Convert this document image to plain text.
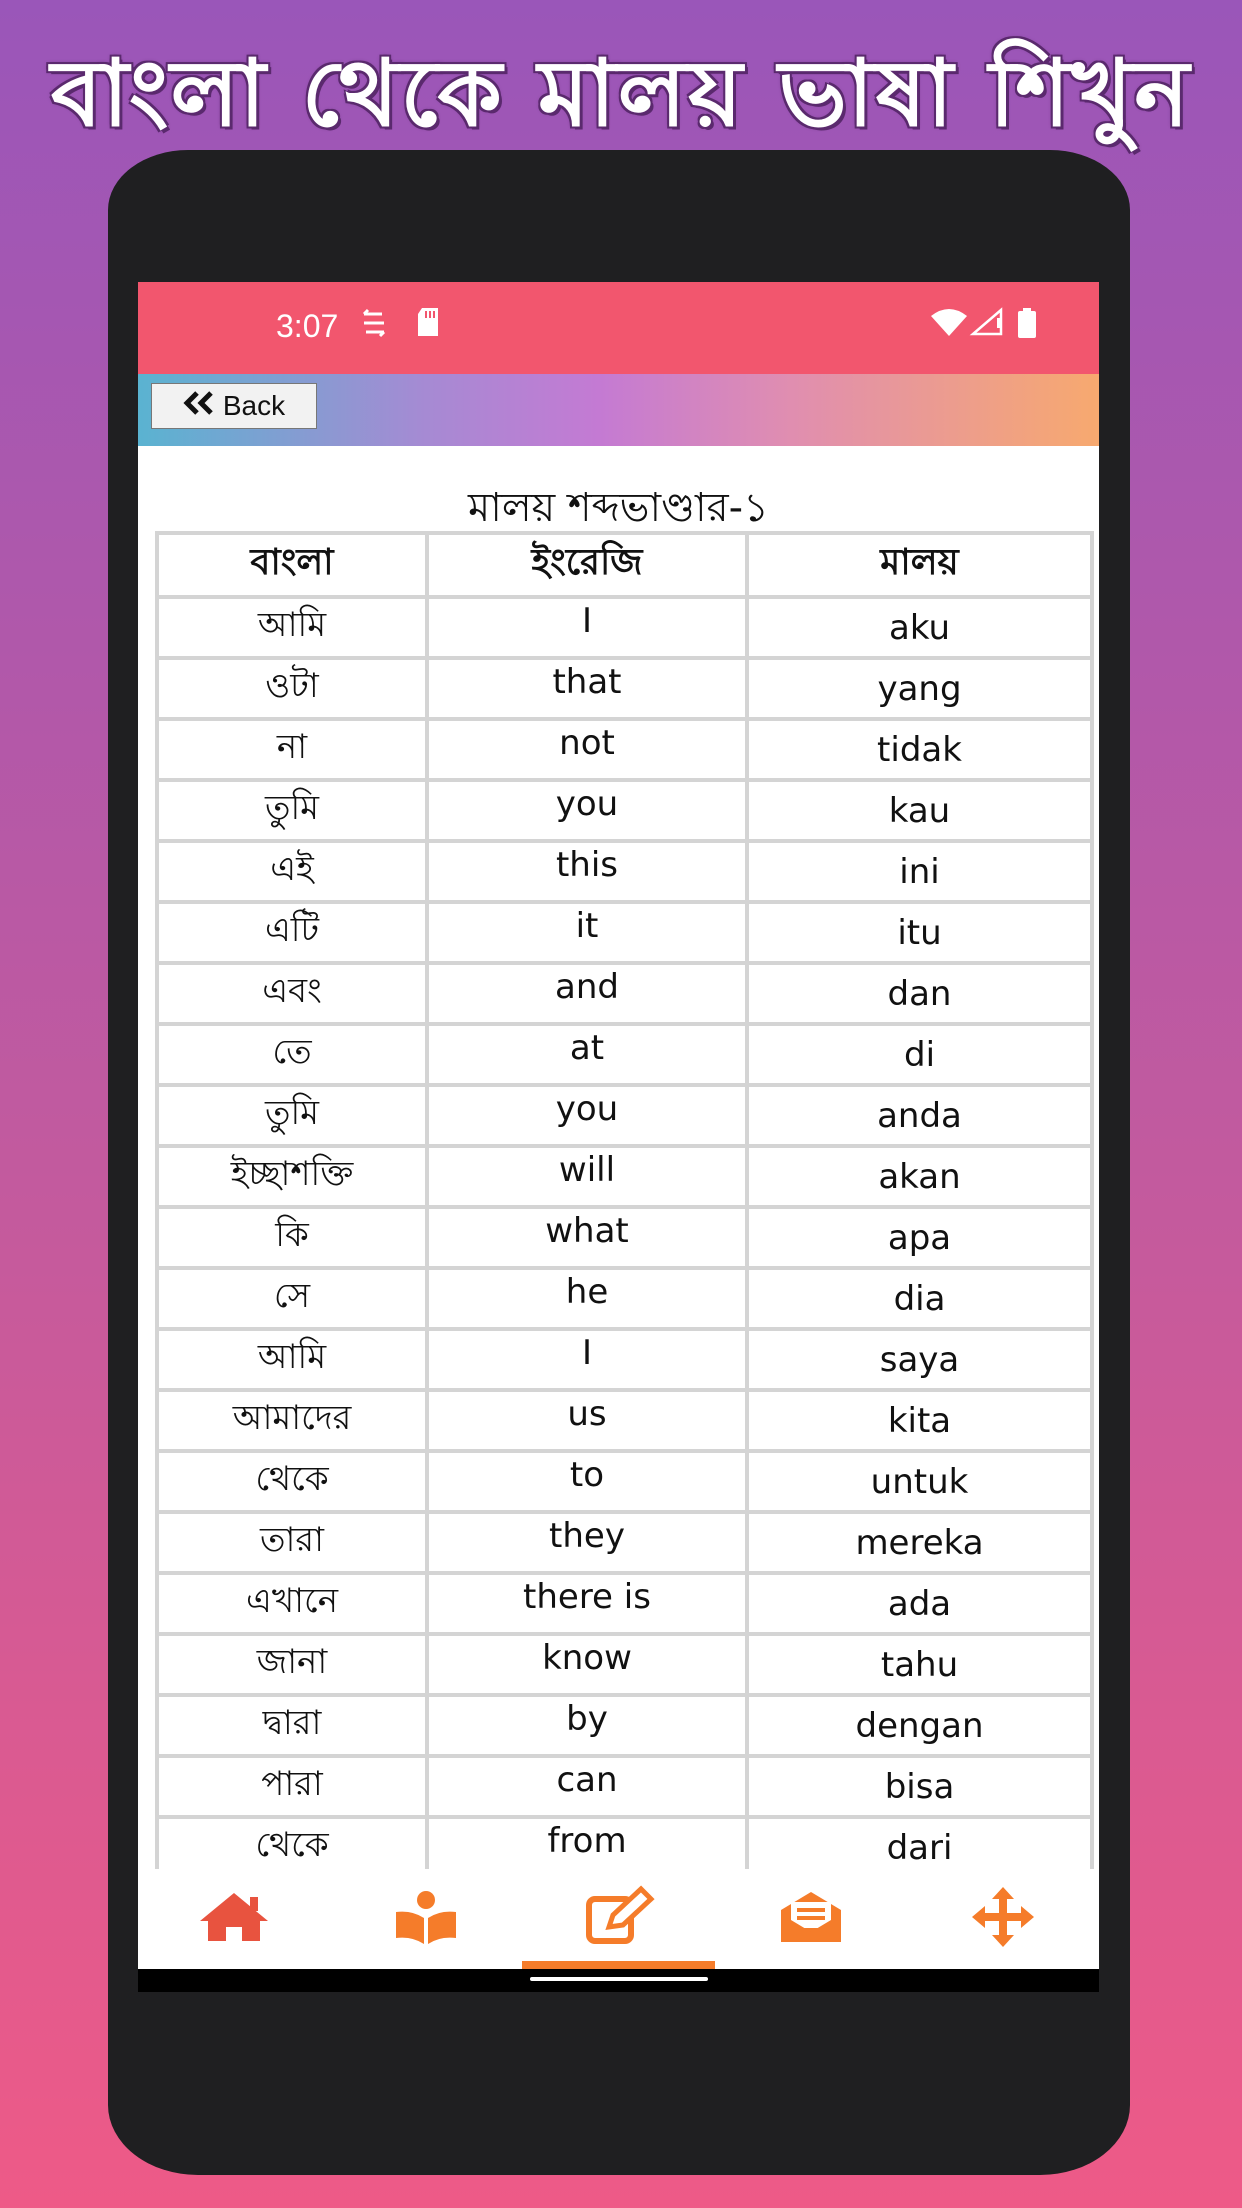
বাংলা থেকে মালয় ভাষা শিখুন
3:07
Back
মালয় শব্দভাণ্ডার-১
বাংলা	ইংরেজি	মালয়
আমি	I	aku
ওটা	that	yang
না	not	tidak
তুমি	you	kau
এই	this	ini
এটি	it	itu
এবং	and	dan
তে	at	di
তুমি	you	anda
ইচ্ছাশক্তি	will	akan
কি	what	apa
সে	he	dia
আমি	I	saya
আমাদের	us	kita
থেকে	to	untuk
তারা	they	mereka
এখানে	there is	ada
জানা	know	tahu
দ্বারা	by	dengan
পারা	can	bisa
থেকে	from	dari
